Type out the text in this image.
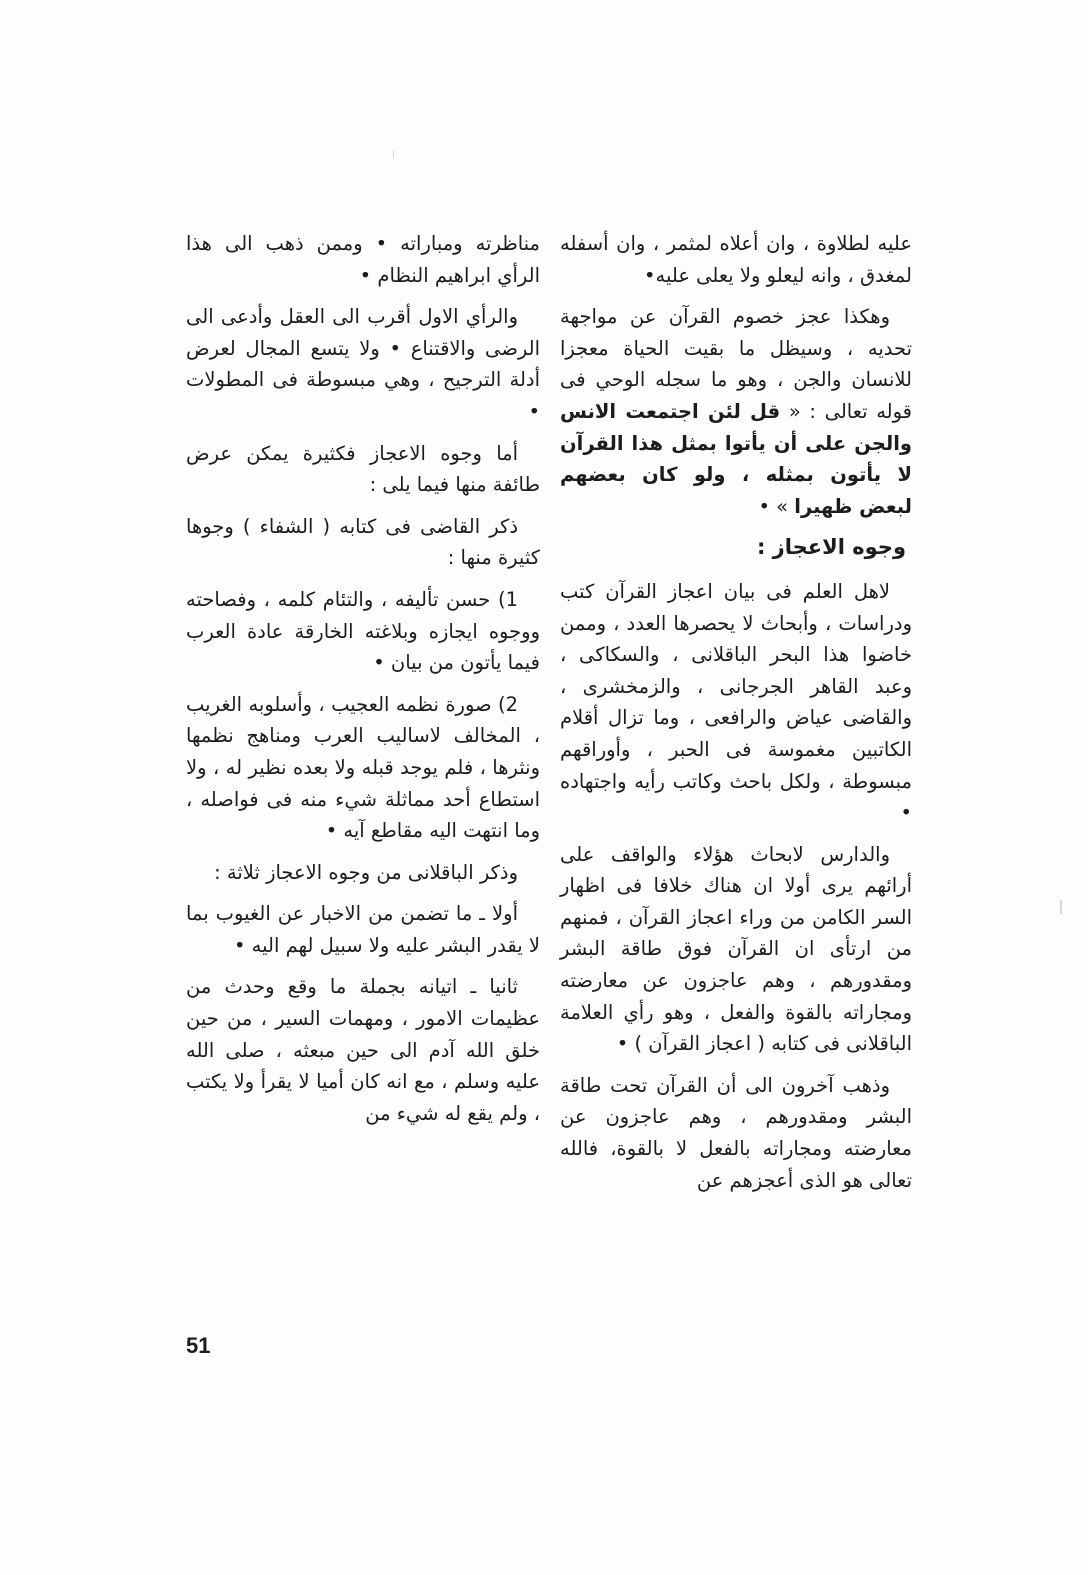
عليه لطلاوة ، وان أعلاه لمثمر ، وان أسفله لمغدق ، وانه ليعلو ولا يعلى عليه•

وهكذا عجز خصوم القرآن عن مواجهة تحديه ، وسيظل ما بقيت الحياة معجزا للانسان والجن ، وهو ما سجله الوحي فى قوله تعالى : « قل لئن اجتمعت الانس والجن على أن يأتوا بمثل هذا القرآن لا يأتون بمثله ، ولو كان بعضهم لبعض ظهيرا » •

وجوه الاعجاز :

لاهل العلم فى بيان اعجاز القرآن كتب ودراسات ، وأبحاث لا يحصرها العدد ، وممن خاضوا هذا البحر الباقلانى ، والسكاكى ، وعبد القاهر الجرجانى ، والزمخشرى ، والقاضى عياض والرافعى ، وما تزال أقلام الكاتبين مغموسة فى الحبر ، وأوراقهم مبسوطة ، ولكل باحث وكاتب رأيه واجتهاده •

والدارس لابحاث هؤلاء والواقف على أرائهم يرى أولا ان هناك خلافا فى اظهار السر الكامن من وراء اعجاز القرآن ، فمنهم من ارتأى ان القرآن فوق طاقة البشر ومقدورهم ، وهم عاجزون عن معارضته ومجاراته بالقوة والفعل ، وهو رأي العلامة الباقلانى فى كتابه ( اعجاز القرآن ) •

وذهب آخرون الى أن القرآن تحت طاقة البشر ومقدورهم ، وهم عاجزون عن معارضته ومجاراته بالفعل لا بالقوة، فالله تعالى هو الذى أعجزهم عن

مناظرته ومباراته • وممن ذهب الى هذا الرأي ابراهيم النظام •

والرأي الاول أقرب الى العقل وأدعى الى الرضى والاقتناع • ولا يتسع المجال لعرض أدلة الترجيح ، وهي مبسوطة فى المطولات •

أما وجوه الاعجاز فكثيرة يمكن عرض طائفة منها فيما يلى :

ذكر القاضى فى كتابه ( الشفاء ) وجوها كثيرة منها :

1) حسن تأليفه ، والتئام كلمه ، وفصاحته ووجوه ايجازه وبلاغته الخارقة عادة العرب فيما يأتون من بيان •

2) صورة نظمه العجيب ، وأسلوبه الغريب ، المخالف لاساليب العرب ومناهج نظمها ونثرها ، فلم يوجد قبله ولا بعده نظير له ، ولا استطاع أحد مماثلة شيء منه فى فواصله ، وما انتهت اليه مقاطع آيه •

وذكر الباقلانى من وجوه الاعجاز ثلاثة :

أولا ـ ما تضمن من الاخبار عن الغيوب بما لا يقدر البشر عليه ولا سبيل لهم اليه •

ثانيا ـ اتيانه بجملة ما وقع وحدث من عظيمات الامور ، ومهمات السير ، من حين خلق الله آدم الى حين مبعثه ، صلى الله عليه وسلم ، مع انه كان أميا لا يقرأ ولا يكتب ، ولم يقع له شيء من

51
